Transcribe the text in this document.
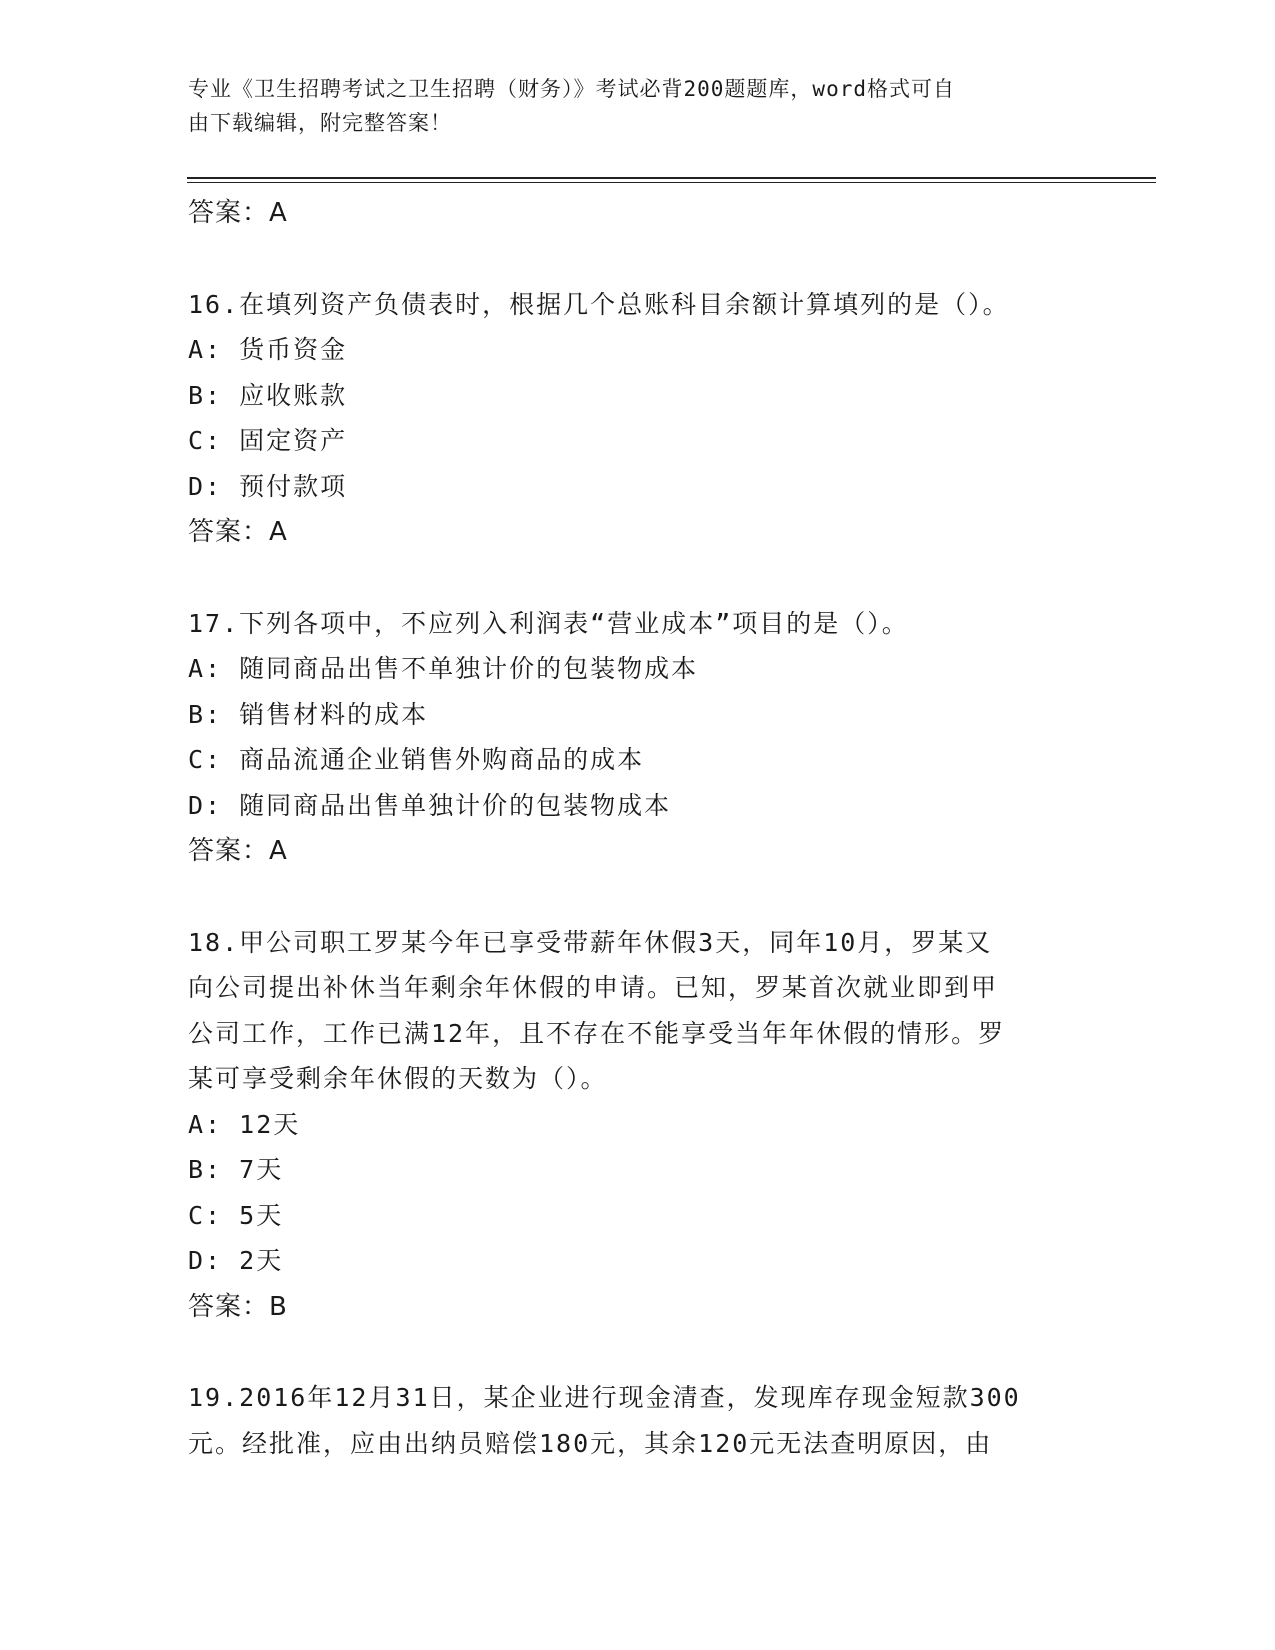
专业《卫生招聘考试之卫生招聘（财务）》考试必背200题题库，word格式可自
由下载编辑，附完整答案！
答案：A
16.在填列资产负债表时，根据几个总账科目余额计算填列的是（）。
A: 货币资金
B: 应收账款
C: 固定资产
D: 预付款项
答案：A
17.下列各项中，不应列入利润表“营业成本”项目的是（）。
A: 随同商品出售不单独计价的包装物成本
B: 销售材料的成本
C: 商品流通企业销售外购商品的成本
D: 随同商品出售单独计价的包装物成本
答案：A
18.甲公司职工罗某今年已享受带薪年休假3天，同年10月，罗某又
向公司提出补休当年剩余年休假的申请。已知，罗某首次就业即到甲
公司工作，工作已满12年，且不存在不能享受当年年休假的情形。罗
某可享受剩余年休假的天数为（）。
A: 12天
B: 7天
C: 5天
D: 2天
答案：B
19.2016年12月31日，某企业进行现金清查，发现库存现金短款300
元。经批准，应由出纳员赔偿180元，其余120元无法查明原因，由
